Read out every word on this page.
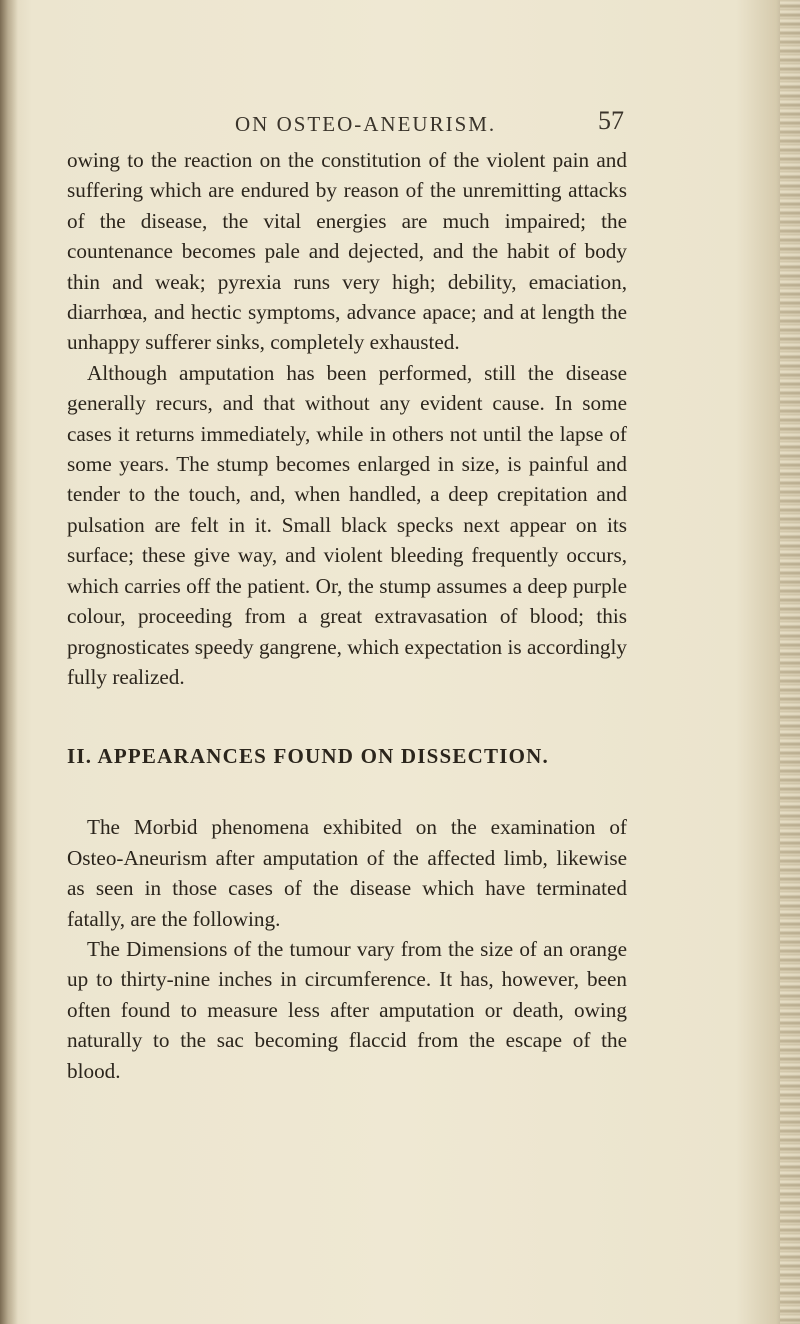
ON OSTEO-ANEURISM.	57

owing to the reaction on the constitution of the violent pain and suffering which are endured by reason of the unremitting attacks of the disease, the vital energies are much impaired; the countenance becomes pale and dejected, and the habit of body thin and weak; pyrexia runs very high; debility, emaciation, diarrhœa, and hectic symptoms, advance apace; and at length the unhappy sufferer sinks, completely exhausted.

Although amputation has been performed, still the disease generally recurs, and that without any evident cause. In some cases it returns immediately, while in others not until the lapse of some years. The stump becomes enlarged in size, is painful and tender to the touch, and, when handled, a deep crepitation and pulsation are felt in it. Small black specks next appear on its surface; these give way, and violent bleeding frequently occurs, which carries off the patient. Or, the stump assumes a deep purple colour, proceeding from a great extravasation of blood; this prognosticates speedy gangrene, which expectation is accordingly fully realized.

II. APPEARANCES FOUND ON DISSECTION.

The Morbid phenomena exhibited on the examination of Osteo-Aneurism after amputation of the affected limb, likewise as seen in those cases of the disease which have terminated fatally, are the following.

The Dimensions of the tumour vary from the size of an orange up to thirty-nine inches in circumference. It has, however, been often found to measure less after amputation or death, owing naturally to the sac becoming flaccid from the escape of the blood.
